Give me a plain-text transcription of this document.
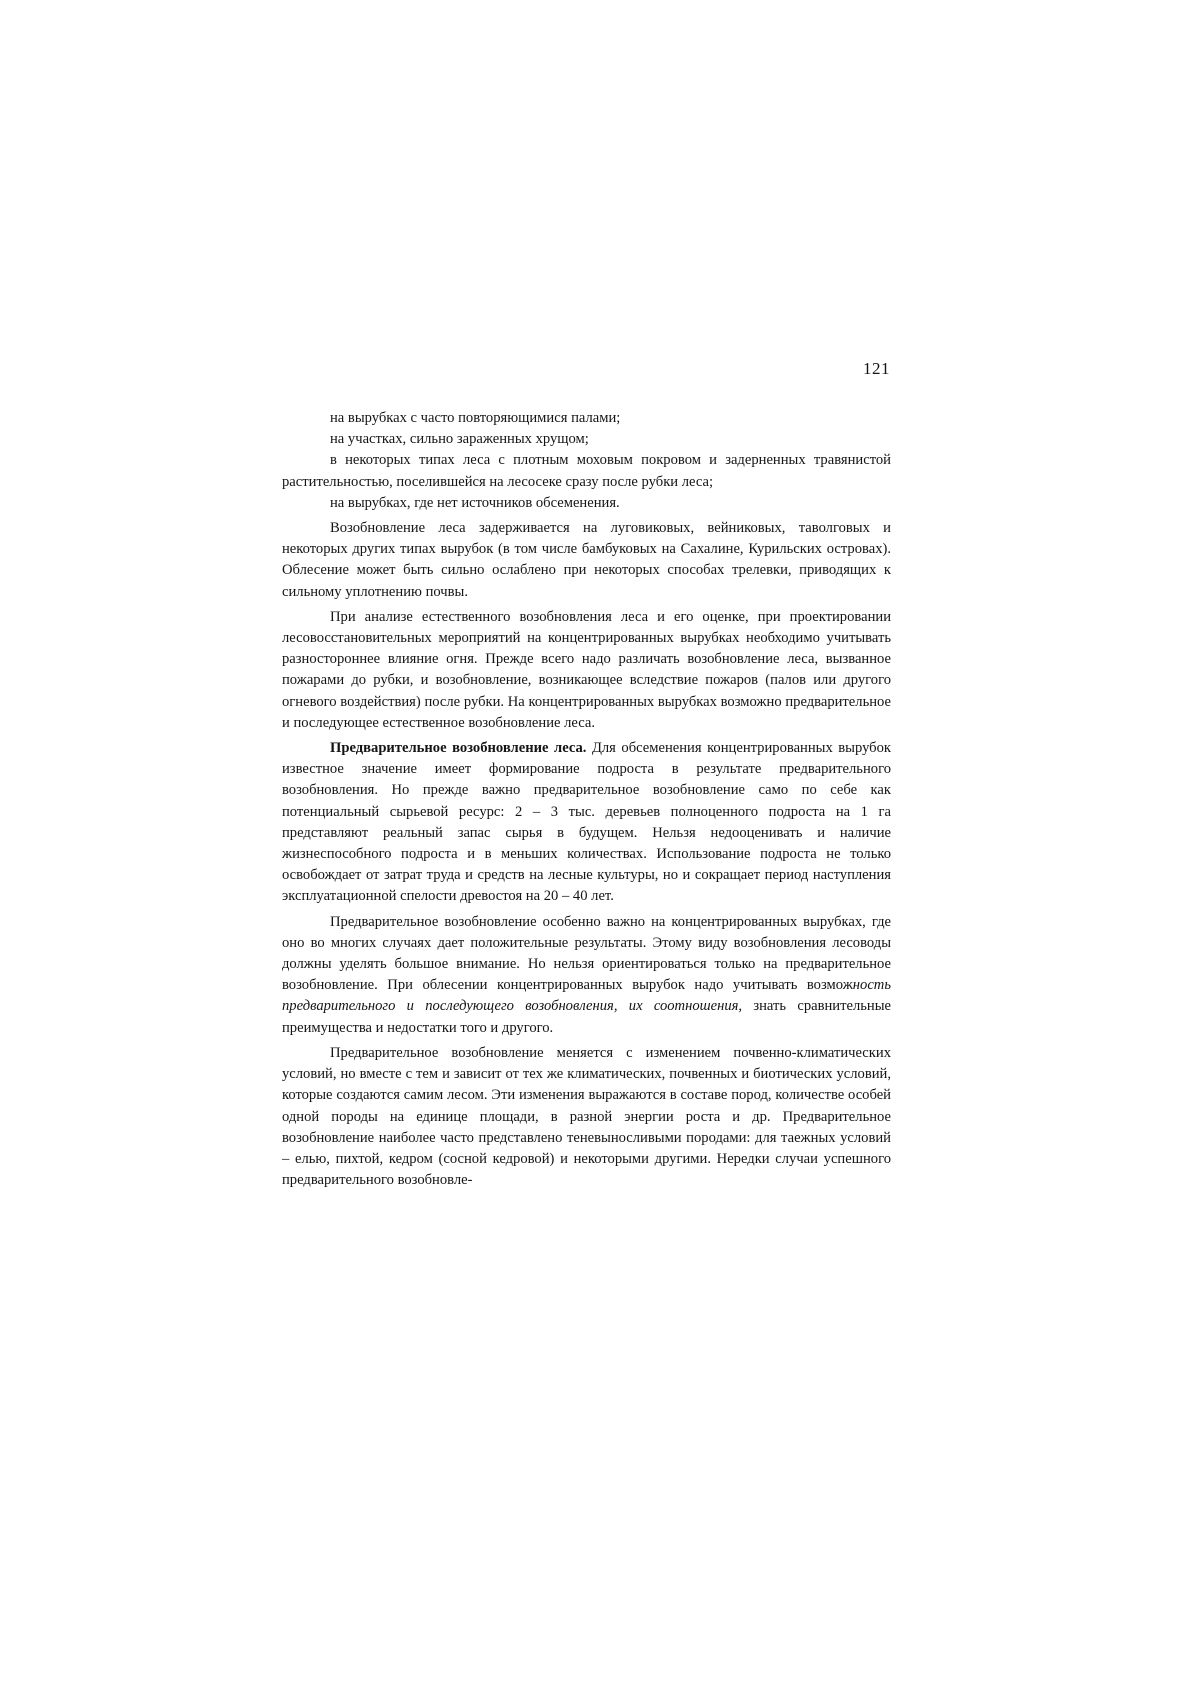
121

на вырубках с часто повторяющимися палами;

на участках, сильно зараженных хрущом;

в некоторых типах леса с плотным моховым покровом и задерненных травянистой растительностью, поселившейся на лесосеке сразу после рубки леса;

на вырубках, где нет источников обсеменения.

Возобновление леса задерживается на луговиковых, вейниковых, таволговых и некоторых других типах вырубок (в том числе бамбуковых на Сахалине, Курильских островах). Облесение может быть сильно ослаблено при некоторых способах трелевки, приводящих к сильному уплотнению почвы.

При анализе естественного возобновления леса и его оценке, при проектировании лесовосстановительных мероприятий на концентрированных вырубках необходимо учитывать разностороннее влияние огня. Прежде всего надо различать возобновление леса, вызванное пожарами до рубки, и возобновление, возникающее вследствие пожаров (палов или другого огневого воздействия) после рубки. На концентрированных вырубках возможно предварительное и последующее естественное возобновление леса.

Предварительное возобновление леса. Для обсеменения концентрированных вырубок известное значение имеет формирование подроста в результате предварительного возобновления. Но прежде важно предварительное возобновление само по себе как потенциальный сырьевой ресурс: 2 – 3 тыс. деревьев полноценного подроста на 1 га представляют реальный запас сырья в будущем. Нельзя недооценивать и наличие жизнеспособного подроста и в меньших количествах. Использование подроста не только освобождает от затрат труда и средств на лесные культуры, но и сокращает период наступления эксплуатационной спелости древостоя на 20 – 40 лет.

Предварительное возобновление особенно важно на концентрированных вырубках, где оно во многих случаях дает положительные результаты. Этому виду возобновления лесоводы должны уделять большое внимание. Но нельзя ориентироваться только на предварительное возобновление. При облесении концентрированных вырубок надо учитывать возможность предварительного и последующего возобновления, их соотношения, знать сравнительные преимущества и недостатки того и другого.

Предварительное возобновление меняется с изменением почвенно-климатических условий, но вместе с тем и зависит от тех же климатических, почвенных и биотических условий, которые создаются самим лесом. Эти изменения выражаются в составе пород, количестве особей одной породы на единице площади, в разной энергии роста и др. Предварительное возобновление наиболее часто представлено теневыносливыми породами: для таежных условий – елью, пихтой, кедром (сосной кедровой) и некоторыми другими. Нередки случаи успешного предварительного возобновле-
